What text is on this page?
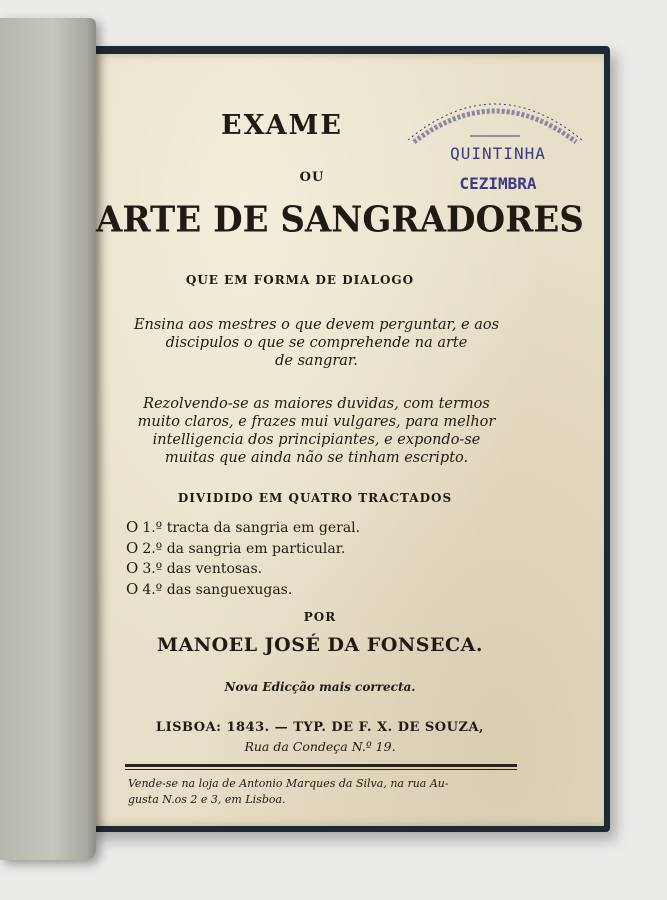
QUINTINHA
CEZIMBRA
EXAME
OU
ARTE DE SANGRADORES
QUE EM FORMA DE DIALOGO
Ensina aos mestres o que devem perguntar, e aos
discipulos o que se comprehende na arte
de sangrar.
Rezolvendo-se as maiores duvidas, com termos
muito claros, e frazes mui vulgares, para melhor
intelligencia dos principiantes, e expondo-se
muitas que ainda não se tinham escripto.
DIVIDIDO EM QUATRO TRACTADOS
O 1.º tracta da sangria em geral.
O 2.º da sangria em particular.
O 3.º das ventosas.
O 4.º das sanguexugas.
POR
MANOEL JOSÉ DA FONSECA.
Nova Edicção mais correcta.
LISBOA: 1843. — TYP. DE F. X. DE SOUZA,
Rua da Condeça N.º 19.
Vende-se na loja de Antonio Marques da Silva, na rua Au-
gusta N.os 2 e 3, em Lisboa.
